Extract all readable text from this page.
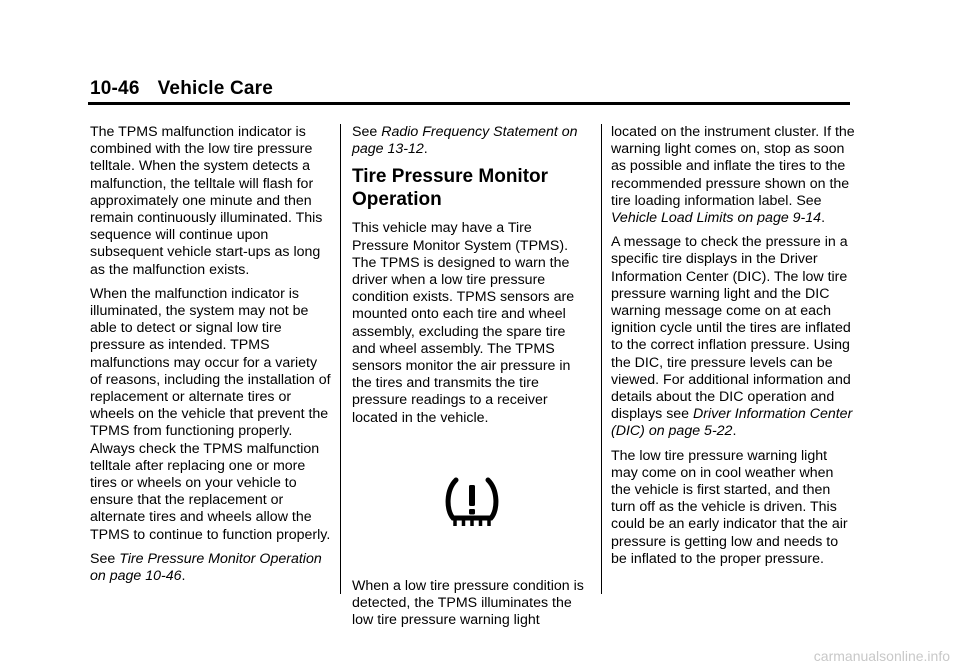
10-46 Vehicle Care

The TPMS malfunction indicator is combined with the low tire pressure telltale. When the system detects a malfunction, the telltale will flash for approximately one minute and then remain continuously illuminated. This sequence will continue upon subsequent vehicle start-ups as long as the malfunction exists.

When the malfunction indicator is illuminated, the system may not be able to detect or signal low tire pressure as intended. TPMS malfunctions may occur for a variety of reasons, including the installation of replacement or alternate tires or wheels on the vehicle that prevent the TPMS from functioning properly. Always check the TPMS malfunction telltale after replacing one or more tires or wheels on your vehicle to ensure that the replacement or alternate tires and wheels allow the TPMS to continue to function properly.

See Tire Pressure Monitor Operation on page 10-46.

See Radio Frequency Statement on page 13-12.

Tire Pressure Monitor Operation

This vehicle may have a Tire Pressure Monitor System (TPMS). The TPMS is designed to warn the driver when a low tire pressure condition exists. TPMS sensors are mounted onto each tire and wheel assembly, excluding the spare tire and wheel assembly. The TPMS sensors monitor the air pressure in the tires and transmits the tire pressure readings to a receiver located in the vehicle.

When a low tire pressure condition is detected, the TPMS illuminates the low tire pressure warning light

located on the instrument cluster. If the warning light comes on, stop as soon as possible and inflate the tires to the recommended pressure shown on the tire loading information label. See Vehicle Load Limits on page 9-14.

A message to check the pressure in a specific tire displays in the Driver Information Center (DIC). The low tire pressure warning light and the DIC warning message come on at each ignition cycle until the tires are inflated to the correct inflation pressure. Using the DIC, tire pressure levels can be viewed. For additional information and details about the DIC operation and displays see Driver Information Center (DIC) on page 5-22.

The low tire pressure warning light may come on in cool weather when the vehicle is first started, and then turn off as the vehicle is driven. This could be an early indicator that the air pressure is getting low and needs to be inflated to the proper pressure.

carmanualsonline.info
